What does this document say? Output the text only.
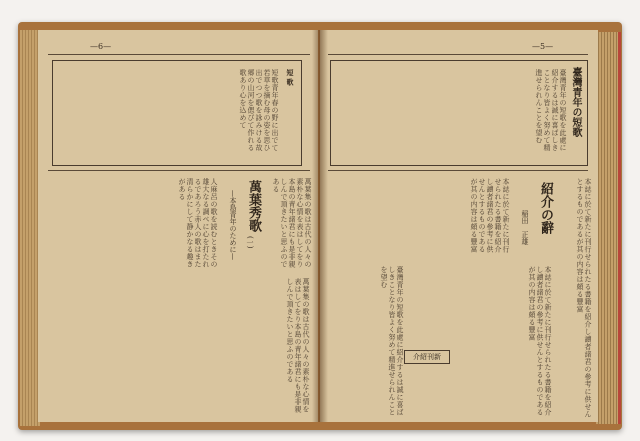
—6—
短 歌
短歌青年春の野に出でて若草を摘む母の姿を思ひ出でつつ歌を詠みける故郷の山河を偲びて作れる歌あり心を込めて
萬葉秀歌
(一)
—本島青年のために—	萬葉集の歌は古代の人々の素朴な心情を表はしてをり本島の青年諸君にも是非親しんで頂きたいと思ふのである
人麻呂の歌を読むときその雄大なる調べに心を打たれるであろう赤人の歌はまた清らかにして静かなる趣きがある
萬葉集の歌は古代の人々の素朴な心情を表はしてをり本島の青年諸君にも是非親しんで頂きたいと思ふのである
—5—
臺灣青年の短歌
臺灣青年の短歌を此處に紹介するは誠に喜ばしきことなり皆よく努めて精進せられんことを望む
紹介の辭
稲田　正雄	本誌に於て新たに刊行せられたる書籍を紹介し讀者諸君の參考に供せんとするものであるが其の内容は頗る豐富
本誌に於て新たに刊行せられたる書籍を紹介し讀者諸君の參考に供せんとするものであるが其の内容は頗る豐富
介紹刊新
臺灣青年の短歌を此處に紹介するは誠に喜ばしきことなり皆よく努めて精進せられんことを望む	本誌に於て新たに刊行せられたる書籍を紹介し讀者諸君の參考に供せんとするものであるが其の内容は頗る豐富
